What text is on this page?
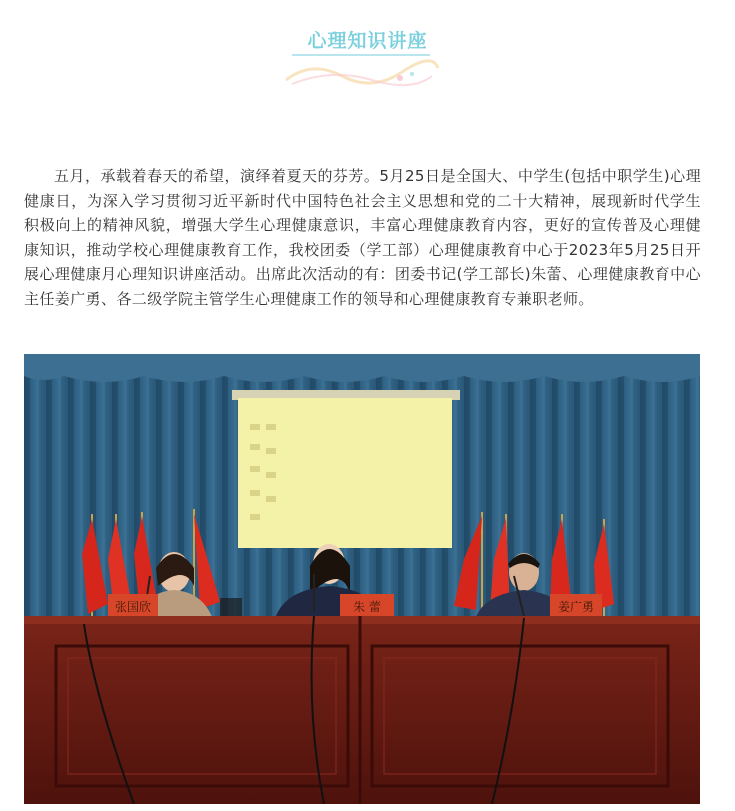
心理知识讲座
五月，承载着春天的希望，演绎着夏天的芬芳。5月25日是全国大、中学生(包括中职学生)心理健康日，为深入学习贯彻习近平新时代中国特色社会主义思想和党的二十大精神，展现新时代学生积极向上的精神风貌，增强大学生心理健康意识，丰富心理健康教育内容，更好的宣传普及心理健康知识，推动学校心理健康教育工作，我校团委（学工部）心理健康教育中心于2023年5月25日开展心理健康月心理知识讲座活动。出席此次活动的有：团委书记(学工部长)朱蕾、心理健康教育中心主任姜广勇、各二级学院主管学生心理健康工作的领导和心理健康教育专兼职老师。
张国欣	朱 蕾	姜广勇
